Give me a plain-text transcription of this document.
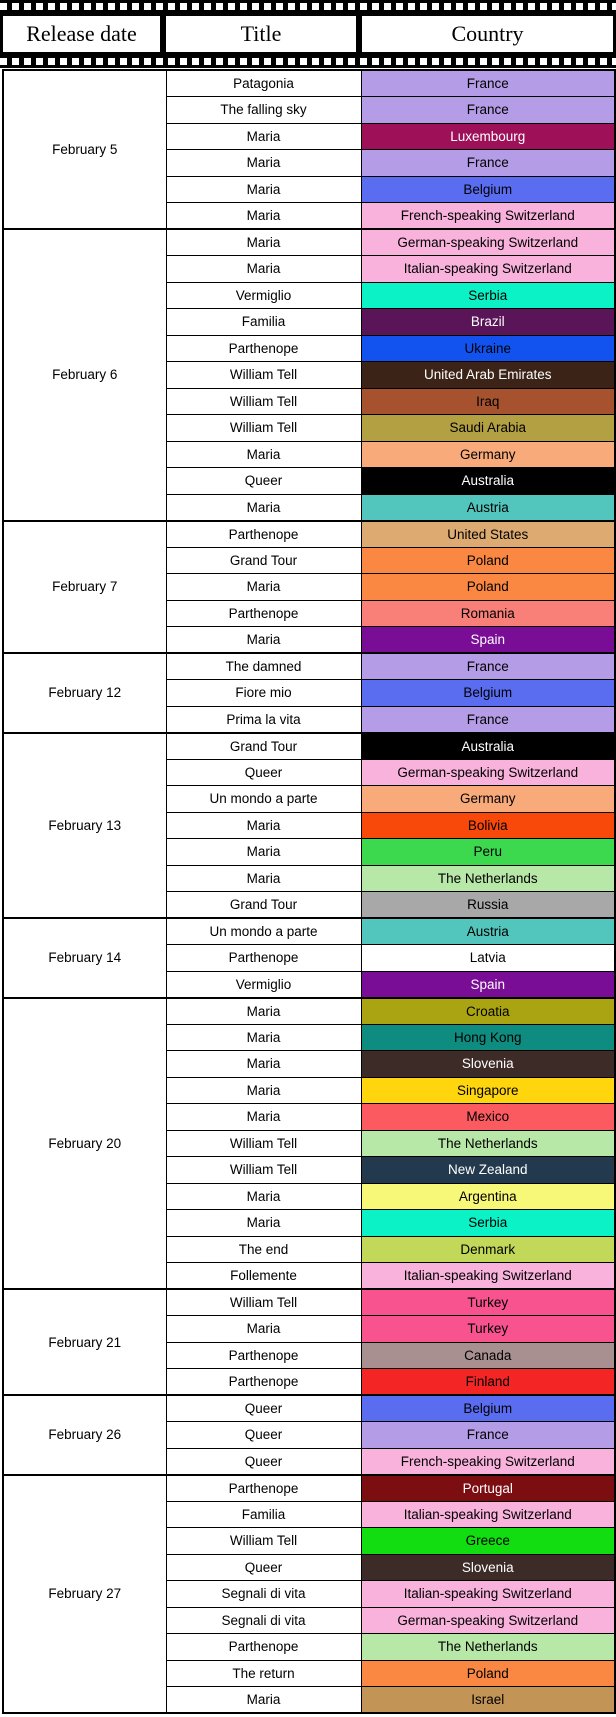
Release date	Title	Country
February 5	Patagonia	France
	The falling sky	France
	Maria	Luxembourg
	Maria	France
	Maria	Belgium
	Maria	French-speaking Switzerland
February 6	Maria	German-speaking Switzerland
	Maria	Italian-speaking Switzerland
	Vermiglio	Serbia
	Familia	Brazil
	Parthenope	Ukraine
	William Tell	United Arab Emirates
	William Tell	Iraq
	William Tell	Saudi Arabia
	Maria	Germany
	Queer	Australia
	Maria	Austria
February 7	Parthenope	United States
	Grand Tour	Poland
	Maria	Poland
	Parthenope	Romania
	Maria	Spain
February 12	The damned	France
	Fiore mio	Belgium
	Prima la vita	France
February 13	Grand Tour	Australia
	Queer	German-speaking Switzerland
	Un mondo a parte	Germany
	Maria	Bolivia
	Maria	Peru
	Maria	The Netherlands
	Grand Tour	Russia
February 14	Un mondo a parte	Austria
	Parthenope	Latvia
	Vermiglio	Spain
February 20	Maria	Croatia
	Maria	Hong Kong
	Maria	Slovenia
	Maria	Singapore
	Maria	Mexico
	William Tell	The Netherlands
	William Tell	New Zealand
	Maria	Argentina
	Maria	Serbia
	The end	Denmark
	Follemente	Italian-speaking Switzerland
February 21	William Tell	Turkey
	Maria	Turkey
	Parthenope	Canada
	Parthenope	Finland
February 26	Queer	Belgium
	Queer	France
	Queer	French-speaking Switzerland
February 27	Parthenope	Portugal
	Familia	Italian-speaking Switzerland
	William Tell	Greece
	Queer	Slovenia
	Segnali di vita	Italian-speaking Switzerland
	Segnali di vita	German-speaking Switzerland
	Parthenope	The Netherlands
	The return	Poland
	Maria	Israel
